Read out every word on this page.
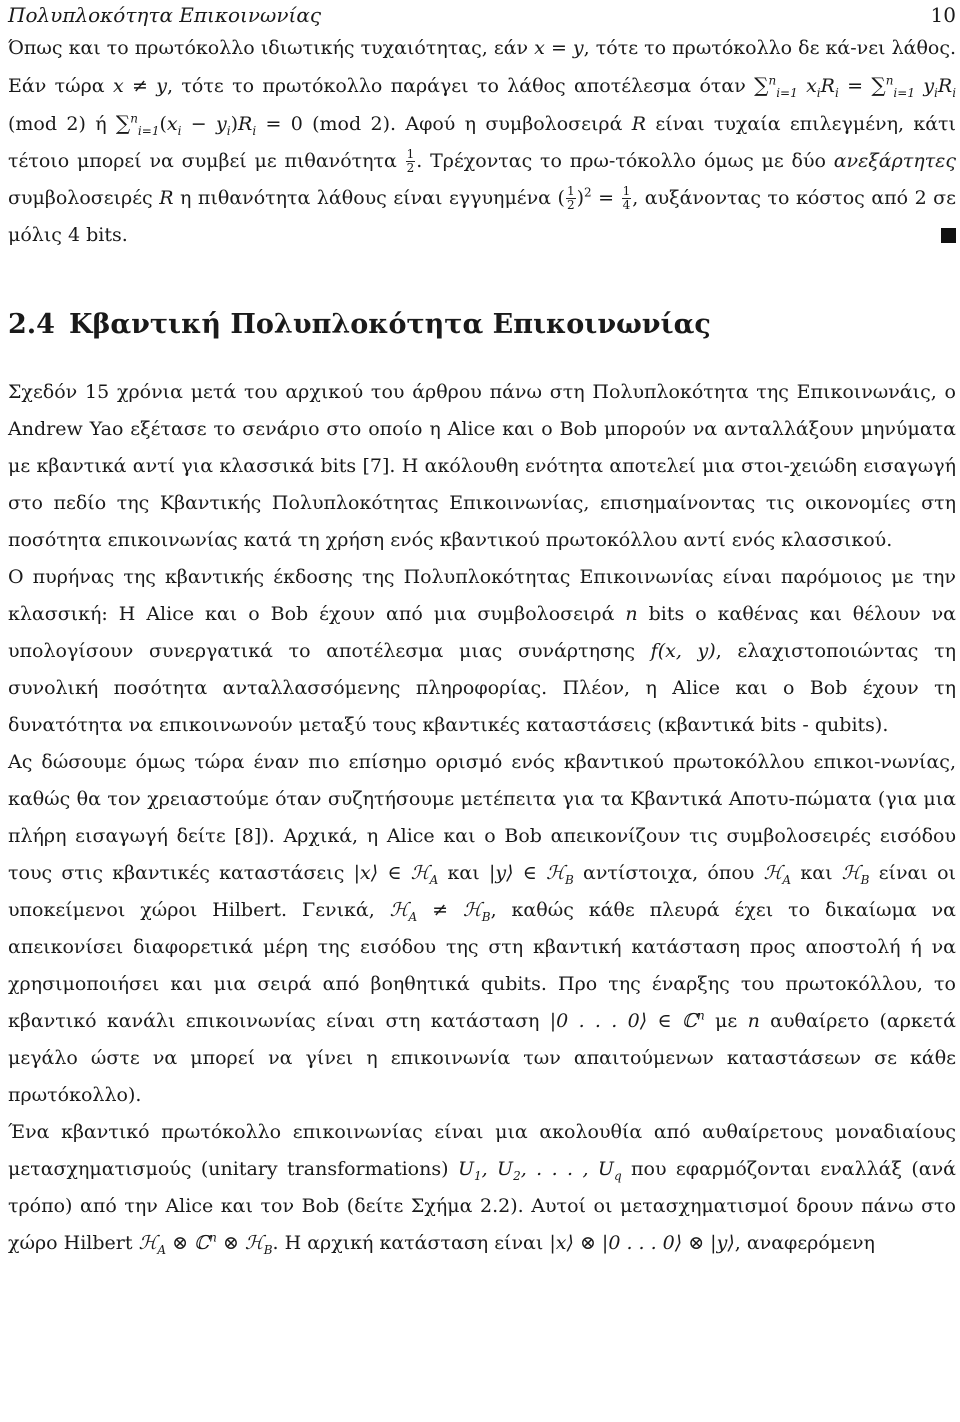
Πολυπλοκότητα Επικοινωνίας	10

Όπως και το πρωτόκολλο ιδιωτικής τυχαιότητας, εάν x = y, τότε το πρωτόκολλο δε κά-νει λάθος. Εάν τώρα x ≠ y, τότε το πρωτόκολλο παράγει το λάθος αποτέλεσμα όταν ∑$^n_{i=1}$ $x_iR_i = \sum^n_{i=1}$ $y_iR_i$ (mod 2) ή $\sum^n_{i=1}(x_i - y_i)R_i = 0$ (mod 2). Αφού η συμβολοσειρά R είναι τυχαία επιλεγμένη, κάτι τέτοιο μπορεί να συμβεί με πιθανότητα $\frac{1}{2}$ . Τρέχοντας το πρω-τόκολλο όμως με δύο ανεξάρτητες συμβολοσειρές R η πιθανότητα λάθους είναι εγγυημένα ( $\frac{1}{2} )^2 = \frac{1}{4}$ , αυξάνοντας το κόστος από 2 σε μόλις 4 bits.

2.4 Κβαντική Πολυπλοκότητα Επικοινωνίας

Σχεδόν 15 χρόνια μετά του αρχικού του άρθρου πάνω στη Πολυπλοκότητα της Επικοινωνάις, ο Andrew Yao εξέτασε το σενάριο στο οποίο η Alice και ο Bob μπορούν να ανταλλάξουν μηνύματα με κβαντικά αντί για κλασσικά bits [7]. Η ακόλουθη ενότητα αποτελεί μια στοι-χειώδη εισαγωγή στο πεδίο της Κβαντικής Πολυπλοκότητας Επικοινωνίας, επισημαίνοντας τις οικονομίες στη ποσότητα επικοινωνίας κατά τη χρήση ενός κβαντικού πρωτοκόλλου αντί ενός κλασσικού.

Ο πυρήνας της κβαντικής έκδοσης της Πολυπλοκότητας Επικοινωνίας είναι παρόμοιος με την κλασσική: Η Alice και ο Bob έχουν από μια συμβολοσειρά n bits ο καθένας και θέλουν να υπολογίσουν συνεργατικά το αποτέλεσμα μιας συνάρτησης f(x, y), ελαχιστοποιώντας τη συνολική ποσότητα ανταλλασσόμενης πληροφορίας. Πλέον, η Alice και ο Bob έχουν τη δυνατότητα να επικοινωνούν μεταξύ τους κβαντικές καταστάσεις (κβαντικά bits - qubits).

Ας δώσουμε όμως τώρα έναν πιο επίσημο ορισμό ενός κβαντικού πρωτοκόλλου επικοι-νωνίας, καθώς θα τον χρειαστούμε όταν συζητήσουμε μετέπειτα για τα Κβαντικά Αποτυ-πώματα (για μια πλήρη εισαγωγή δείτε [8]). Αρχικά, η Alice και ο Bob απεικονίζουν τις συμβολοσειρές εισόδου τους στις κβαντικές καταστάσεις |x⟩ ∈ ℋ$_A$ και |y⟩ ∈ ℋ$_B$ αντίστοιχα, όπου ℋ$_A$ και ℋ$_B$ είναι οι υποκείμενοι χώροι Hilbert. Γενικά, ℋ$_A$ ≠ ℋ$_B$, καθώς κάθε πλευρά έχει το δικαίωμα να απεικονίσει διαφορετικά μέρη της εισόδου της στη κβαντική κατάσταση προς αποστολή ή να χρησιμοποιήσει και μια σειρά από βοηθητικά qubits. Προ της έναρξης του πρωτοκόλλου, το κβαντικό κανάλι επικοινωνίας είναι στη κατάσταση |0 . . . 0⟩ ∈ ℂ$^n$ με n αυθαίρετο (αρκετά μεγάλο ώστε να μπορεί να γίνει η επικοινωνία των απαιτούμενων καταστάσεων σε κάθε πρωτόκολλο).

Ένα κβαντικό πρωτόκολλο επικοινωνίας είναι μια ακολουθία από αυθαίρετους μοναδιαίους μετασχηματισμούς (unitary transformations) $U_1$, $U_2$, . . . , $U_q$ που εφαρμόζονται εναλλάξ (ανά τρόπο) από την Alice και τον Bob (δείτε Σχήμα 2.2). Αυτοί οι μετασχηματισμοί δρουν πάνω στο χώρο Hilbert ℋ$_A$ ⊗ ℂ$^n$ ⊗ ℋ$_B$. Η αρχική κατάσταση είναι |x⟩ ⊗ |0 . . . 0⟩ ⊗ |y⟩, αναφερόμενη
